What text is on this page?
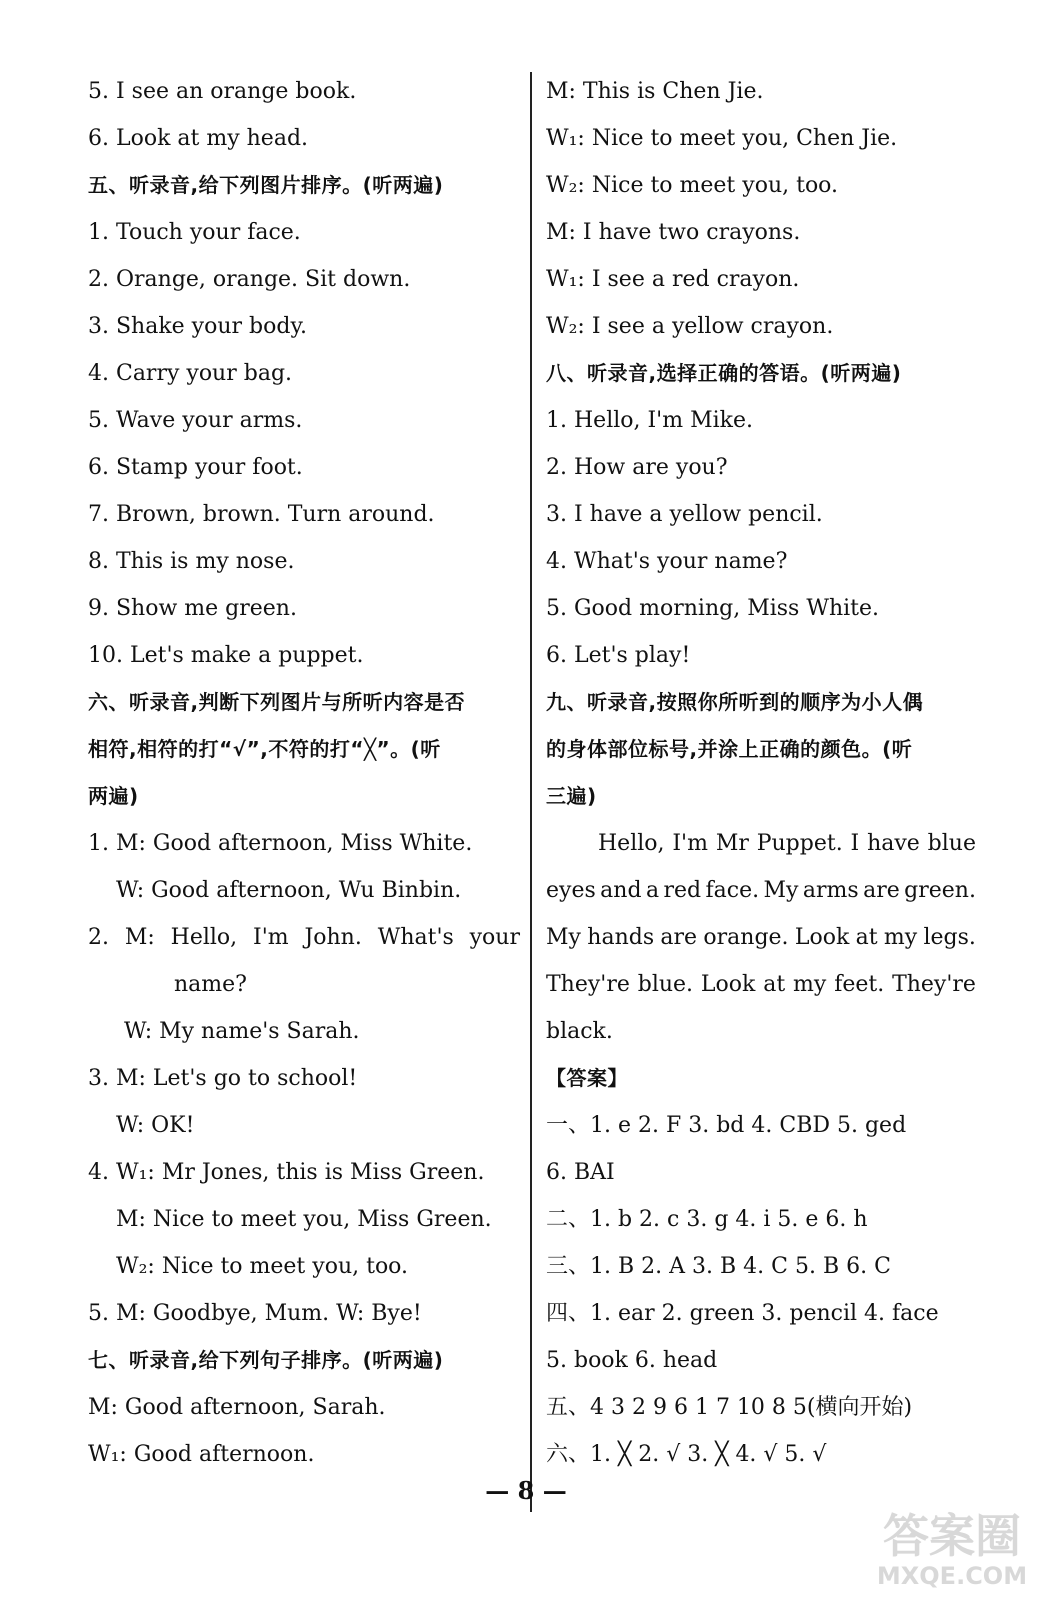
5. I see an orange book.
6. Look at my head.
五、听录音,给下列图片排序。(听两遍)
1. Touch your face.
2. Orange, orange. Sit down.
3. Shake your body.
4. Carry your bag.
5. Wave your arms.
6. Stamp your foot.
7. Brown, brown. Turn around.
8. This is my nose.
9. Show me green.
10. Let's make a puppet.
六、听录音,判断下列图片与所听内容是否
相符,相符的打“√”,不符的打“╳”。(听
两遍)
1. M: Good afternoon, Miss White.
W: Good afternoon, Wu Binbin.
2. M: Hello, I'm John. What's your
name?
W: My name's Sarah.
3. M: Let's go to school!
W: OK!
4. W₁: Mr Jones, this is Miss Green.
M: Nice to meet you, Miss Green.
W₂: Nice to meet you, too.
5. M: Goodbye, Mum. W: Bye!
七、听录音,给下列句子排序。(听两遍)
M: Good afternoon, Sarah.
W₁: Good afternoon.
M: This is Chen Jie.
W₁: Nice to meet you, Chen Jie.
W₂: Nice to meet you, too.
M: I have two crayons.
W₁: I see a red crayon.
W₂: I see a yellow crayon.
八、听录音,选择正确的答语。(听两遍)
1. Hello, I'm Mike.
2. How are you?
3. I have a yellow pencil.
4. What's your name?
5. Good morning, Miss White.
6. Let's play!
九、听录音,按照你所听到的顺序为小人偶
的身体部位标号,并涂上正确的颜色。(听
三遍)
Hello, I'm Mr Puppet. I have blue
eyes and a red face. My arms are green.
My hands are orange. Look at my legs.
They're blue. Look at my feet. They're
black.
【答案】
一、1. e 2. F 3. bd 4. CBD 5. ged
6. BAI
二、1. b 2. c 3. g 4. i 5. e 6. h
三、1. B 2. A 3. B 4. C 5. B 6. C
四、1. ear 2. green 3. pencil 4. face
5. book 6. head
五、4 3 2 9 6 1 7 10 8 5(横向开始)
六、1. ╳ 2. √ 3. ╳ 4. √ 5. √
— 8 —
答案圈
MXQE.COM
